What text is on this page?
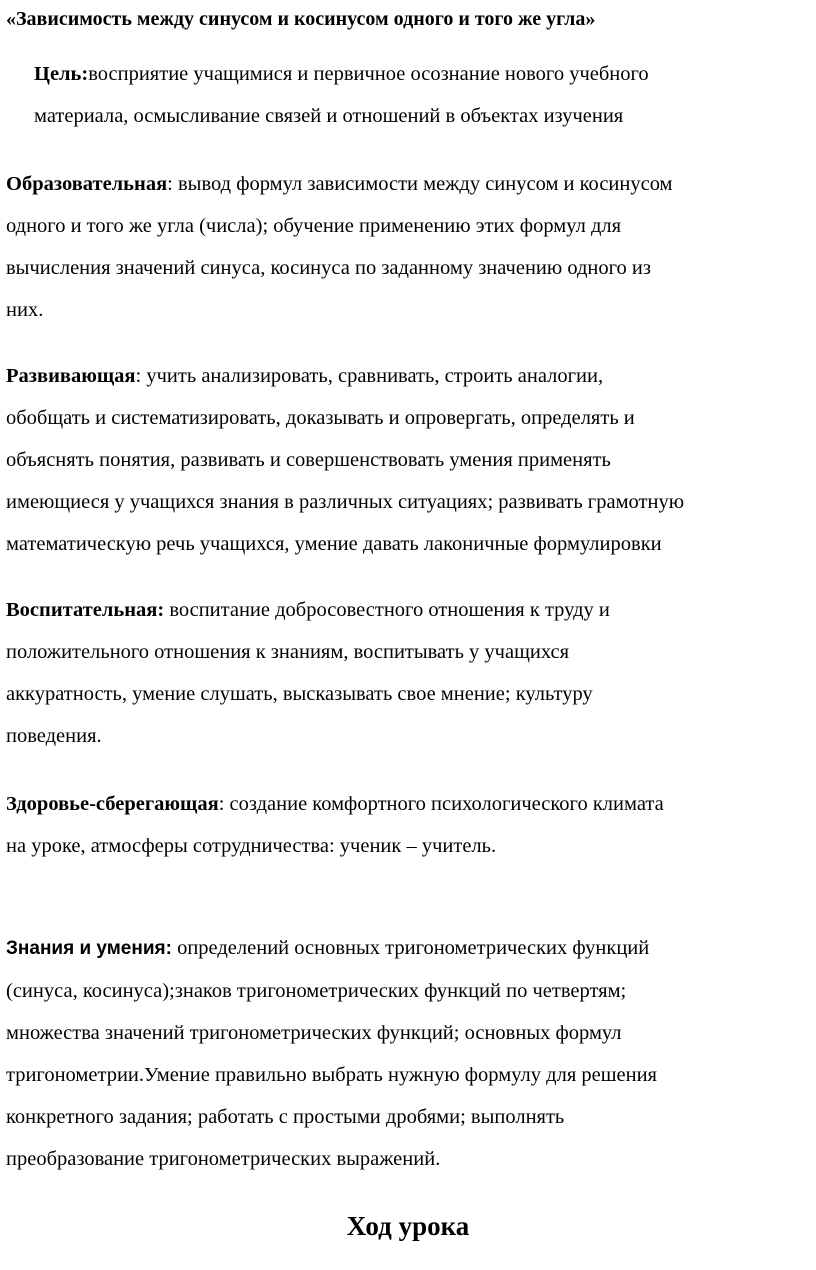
«Зависимость между синусом и косинусом одного и того же угла»

Цель:восприятие учащимися и первичное осознание нового учебного
материала, осмысливание связей и отношений в объектах изучения

Образовательная: вывод формул зависимости между синусом и косинусом
одного и того же угла (числа); обучение применению этих формул для
вычисления значений синуса, косинуса по заданному значению одного из
них.

Развивающая: учить анализировать, сравнивать, строить аналогии,
обобщать и систематизировать, доказывать и опровергать, определять и
объяснять понятия, развивать и совершенствовать умения применять
имеющиеся у учащихся знания в различных ситуациях; развивать грамотную
математическую речь учащихся, умение давать лаконичные формулировки

Воспитательная: воспитание добросовестного отношения к труду и
положительного отношения к знаниям, воспитывать у учащихся
аккуратность, умение слушать, высказывать свое мнение; культуру
поведения.

Здоровье-сберегающая: создание комфортного психологического климата
на уроке, атмосферы сотрудничества: ученик – учитель.

Знания и умения: определений основных тригонометрических функций
(синуса, косинуса);знаков тригонометрических функций по четвертям;
множества значений тригонометрических функций; основных формул
тригонометрии.Умение правильно выбрать нужную формулу для решения
конкретного задания; работать с простыми дробями; выполнять
преобразование тригонометрических выражений.

Ход урока
